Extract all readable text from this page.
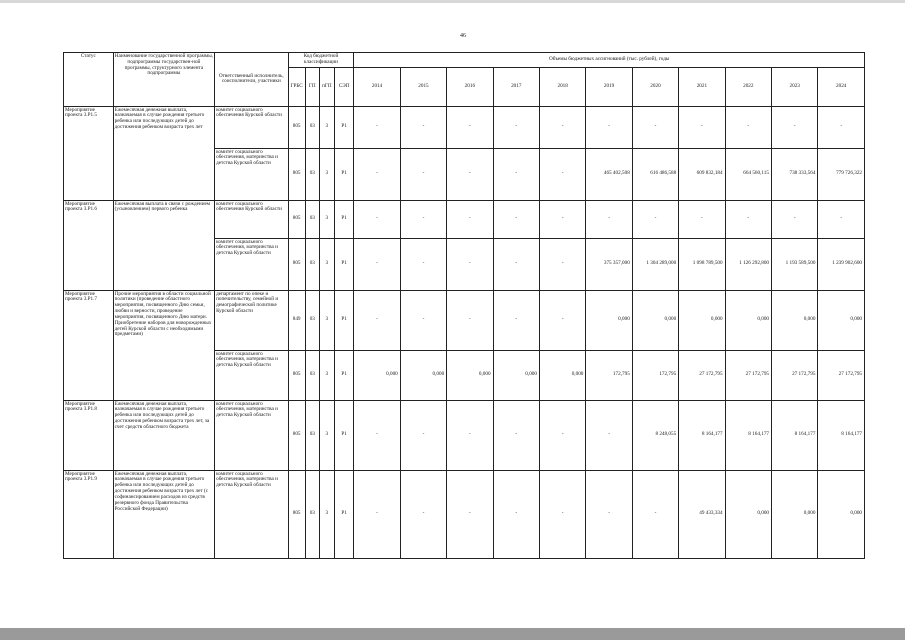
46
Статус	Наименование государственной программы, подпрограммы государствен-ной программы, структурного элемента подпрограммы	Ответственный исполнитель, соисполнители, участники	Код бюджетной классификации				Объемы бюджетных ассигнований (тыс. рублей), годы										
			ГРБС	ГП	пГП	СЭП	2014	2015	2016	2017	2018	2019	2020	2021	2022	2023	2024
Мероприятие проекта 3.Р1.5	Ежемесячная денежная выплата, назначаемая в случае рождения третьего ребенка или последующих детей до достижения ребенком возраста трех лет	комитет социального обеспечения Курской области	805	03	3	Р1	-	-	-	-	-	-	-	-	-	-	-
		комитет социального обеспечения, материнства и детства Курской области	805	03	3	Р1	-	-	-	-	-	465 402,508	616 486,588	609 832,184	664 560,115	738 333,564	779 726,322
Мероприятие проекта 3.Р1.6	Ежемесячная выплата в связи с рождением (усыновлением) первого ребенка	комитет социального обеспечения Курской области	805	03	3	Р1	-	-	-	-	-	-	-	-	-	-	-
		комитет социального обеспечения, материнства и детства Курской области	805	03	3	Р1	-	-	-	-	-	375 357,000	1 304 289,000	1 098 789,500	1 126 292,800	1 193 589,500	1 239 902,600
Мероприятие проекта 3.Р1.7	Прочие мероприятия в области социальной политики (проведение областного мероприятия, посвященного Дню семьи, любви и верности, проведение мероприятия, посвященного Дню матери. Приобретение наборов для новорожденных детей Курской области с необходимыми предметами)	департамент по опеке и попечительству, семейной и демографической политике Курской области	849	03	3	Р1	-	-	-	-	-	0,000	0,000	0,000	0,000	0,000	0,000
		комитет социального обеспечения, материнства и детства Курской области	805	03	3	Р1	0,000	0,000	0,000	0,000	0,000	172,795	172,795	27 172,795	27 172,795	27 172,795	27 172,795
Мероприятие проекта 3.Р1.8	Ежемесячная денежная выплата, назначаемая в случае рождения третьего ребенка или последующих детей до достижения ребенком возраста трех лет, за счет средств областного бюджета	комитет социального обеспечения, материнства и детства Курской области	805	03	3	Р1	-	-	-	-	-	-	8 248,055	8 164,177	8 164,177	8 164,177	8 164,177
Мероприятие проекта 3.Р1.9	Ежемесячная денежная выплата, назначаемая в случае рождения третьего ребенка или последующих детей до достижения ребенком возраста трех лет (с софинансированием расходов из средств резервного фонда Правительства Российской Федерации)	комитет социального обеспечения, материнства и детства Курской области	805	03	3	Р1	-	-	-	-	-	-	-	49 433,334	0,000	0,000	0,000
